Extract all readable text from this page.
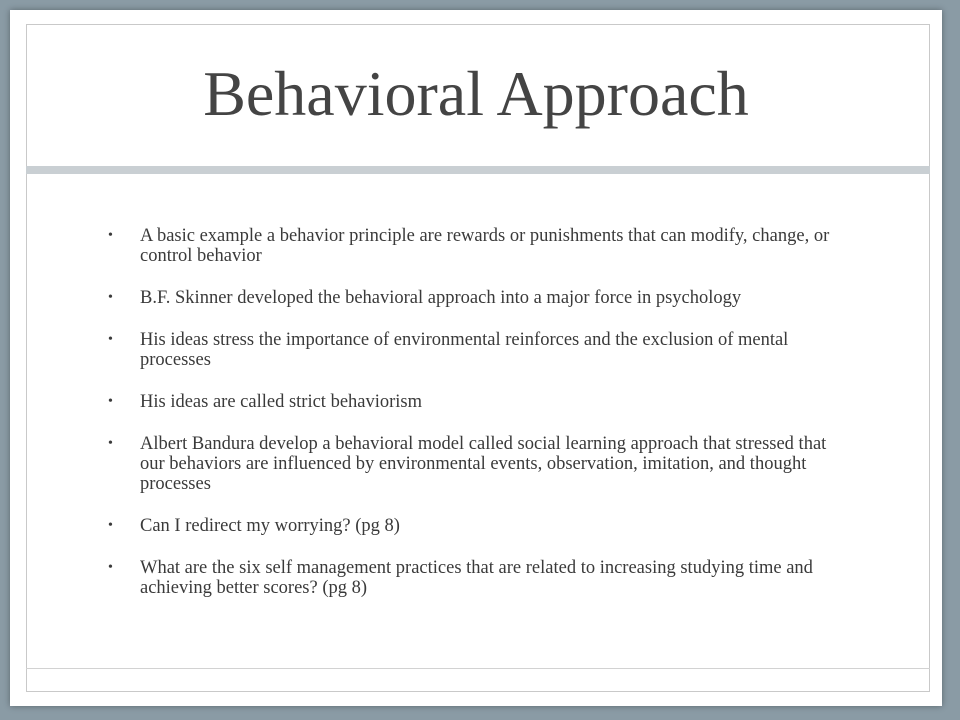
Behavioral Approach
• A basic example a behavior principle are rewards or punishments that can modify, change, or control behavior
• B.F. Skinner developed the behavioral approach into a major force in psychology
• His ideas stress the importance of environmental reinforces and the exclusion of mental processes
• His ideas are called strict behaviorism
• Albert Bandura develop a behavioral model called social learning approach that stressed that our behaviors are influenced by environmental events, observation, imitation, and thought processes
• Can I redirect my worrying? (pg 8)
• What are the six self management practices that are related to increasing studying time and achieving better scores? (pg 8)
